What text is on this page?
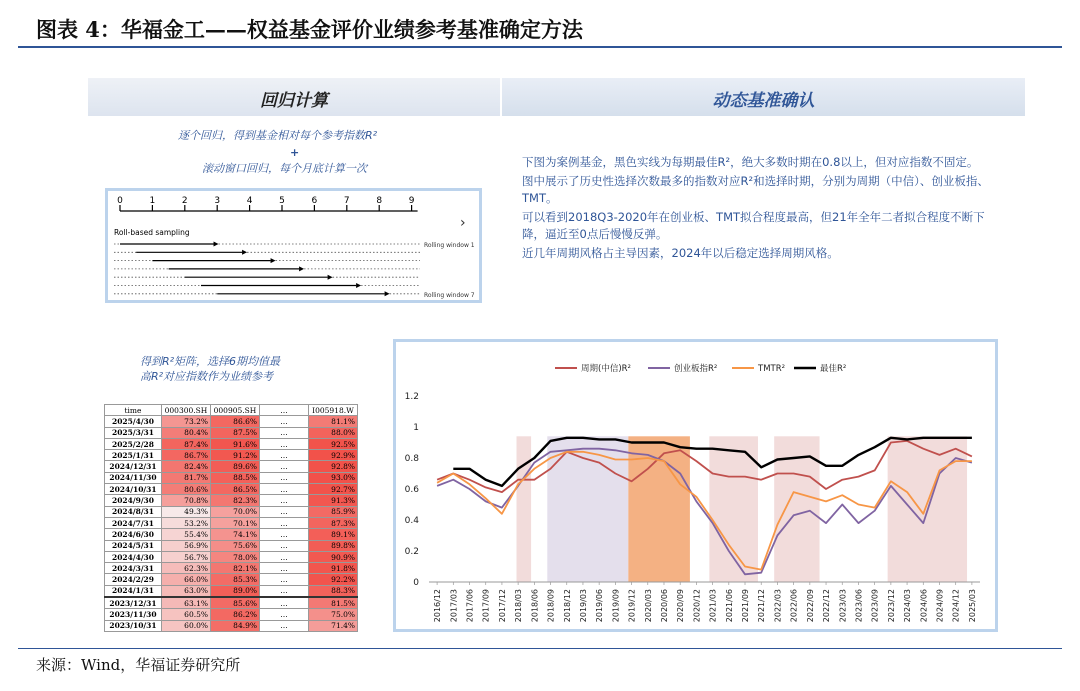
图表 4：华福金工——权益基金评价业绩参考基准确定方法
回归计算
逐个回归，得到基金相对每个参考指数R²
+
滚动窗口回归，每个月底计算一次
0	1	2	3	4	5	6	7	8	9
›
Roll-based sampling
Rolling window 1
Rolling window 7
动态基准确认

下图为案例基金，黑色实线为每期最佳R²，绝大多数时期在0.8以上，但对应指数不固定。

图中展示了历史性选择次数最多的指数对应R²和选择时期，分别为周期（中信）、创业板指、TMT。

可以看到2018Q3-2020年在创业板、TMT拟合程度最高，但21年全年二者拟合程度不断下降，逼近至0点后慢慢反弹。

近几年周期风格占主导因素，2024年以后稳定选择周期风格。

得到R²矩阵，选择6期均值最
高R²对应指数作为业绩参考
time	000300.SH	000905.SH	…	I005918.W
2025/4/30	73.2%	86.6%	…	81.1%
2025/3/31	80.4%	87.5%	…	88.0%
2025/2/28	87.4%	91.6%	…	92.5%
2025/1/31	86.7%	91.2%	…	92.9%
2024/12/31	82.4%	89.6%	…	92.8%
2024/11/30	81.7%	88.5%	…	93.0%
2024/10/31	80.6%	86.5%	…	92.7%
2024/9/30	70.8%	82.3%	…	91.3%
2024/8/31	49.3%	70.0%	…	85.9%
2024/7/31	53.2%	70.1%	…	87.3%
2024/6/30	55.4%	74.1%	…	89.1%
2024/5/31	56.9%	75.6%	…	89.8%
2024/4/30	56.7%	78.0%	…	90.9%
2024/3/31	62.3%	82.1%	…	91.8%
2024/2/29	66.0%	85.3%	…	92.2%
2024/1/31	63.0%	89.0%	…	88.3%
2023/12/31	63.1%	85.6%	…	81.5%
2023/11/30	60.5%	86.2%	…	75.0%
2023/10/31	60.0%	84.9%	…	71.4%
0
0.2
0.4
0.6
0.8
1
1.2
2016/12 2017/03 2017/06 2017/09 2017/12 2018/03 2018/06 2018/09 2018/12 2019/03 2019/06 2019/09 2019/12 2020/03 2020/06 2020/09 2020/12 2021/03 2021/06 2021/09 2021/12 2022/03 2022/06 2022/09 2022/12 2023/03 2023/06 2023/09 2023/12 2024/03 2024/06 2024/09 2024/12 2025/03
周期(中信)R²	创业板指R²	TMTR²	最佳R²
来源：Wind，华福证券研究所
